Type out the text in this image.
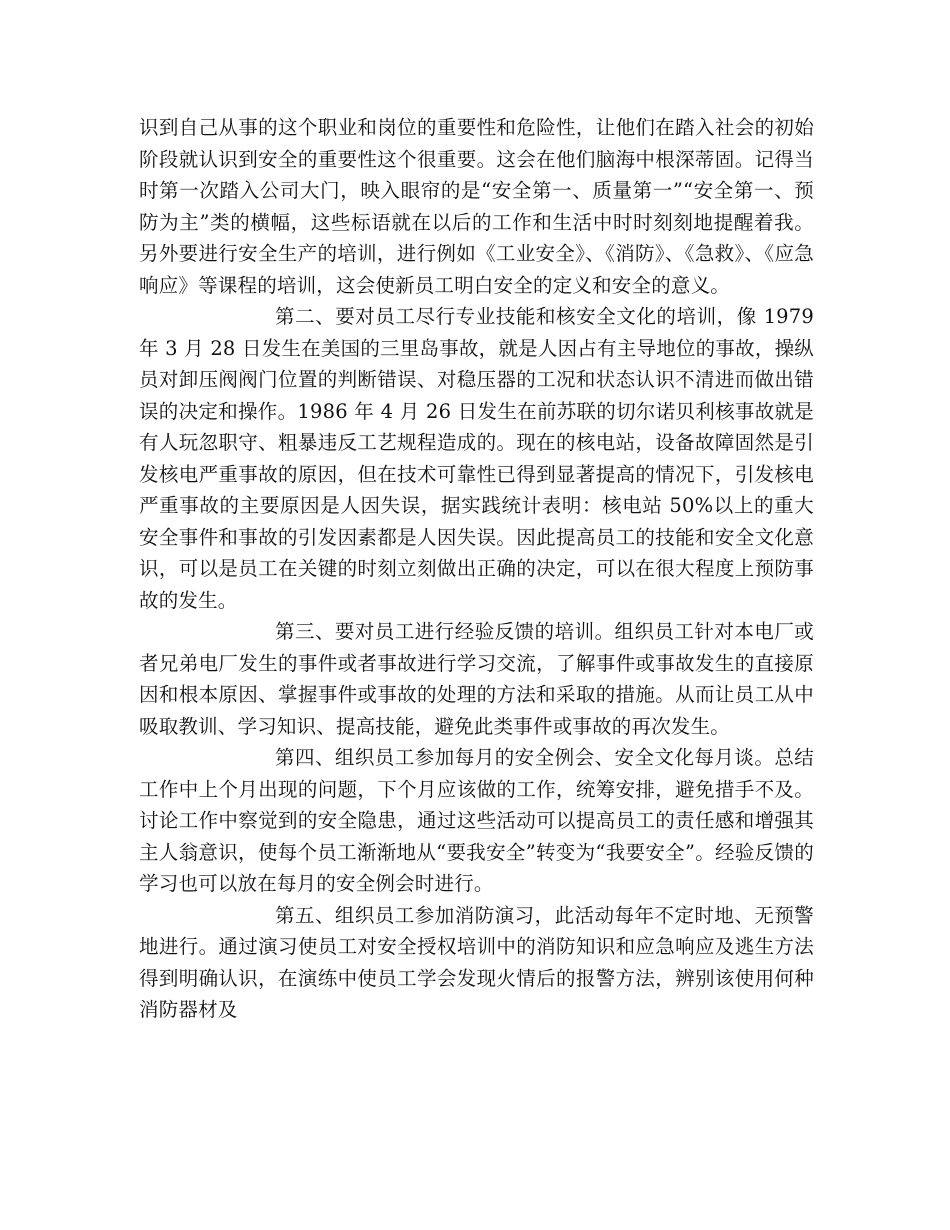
识到自己从事的这个职业和岗位的重要性和危险性，让他们在踏入社会的初始阶段就认识到安全的重要性这个很重要。这会在他们脑海中根深蒂固。记得当时第一次踏入公司大门，映入眼帘的是“安全第一、质量第一”“安全第一、预防为主”类的横幅，这些标语就在以后的工作和生活中时时刻刻地提醒着我。另外要进行安全生产的培训，进行例如《工业安全》、《消防》、《急救》、《应急响应》等课程的培训，这会使新员工明白安全的定义和安全的意义。

第二、要对员工尽行专业技能和核安全文化的培训，像 1979 年 3 月 28 日发生在美国的三里岛事故，就是人因占有主导地位的事故，操纵员对卸压阀阀门位置的判断错误、对稳压器的工况和状态认识不清进而做出错误的决定和操作。1986 年 4 月 26 日发生在前苏联的切尔诺贝利核事故就是有人玩忽职守、粗暴违反工艺规程造成的。现在的核电站，设备故障固然是引发核电严重事故的原因，但在技术可靠性已得到显著提高的情况下，引发核电严重事故的主要原因是人因失误，据实践统计表明：核电站 50%以上的重大安全事件和事故的引发因素都是人因失误。因此提高员工的技能和安全文化意识，可以是员工在关键的时刻立刻做出正确的决定，可以在很大程度上预防事故的发生。

第三、要对员工进行经验反馈的培训。组织员工针对本电厂或者兄弟电厂发生的事件或者事故进行学习交流，了解事件或事故发生的直接原因和根本原因、掌握事件或事故的处理的方法和采取的措施。从而让员工从中吸取教训、学习知识、提高技能，避免此类事件或事故的再次发生。

第四、组织员工参加每月的安全例会、安全文化每月谈。总结工作中上个月出现的问题，下个月应该做的工作，统筹安排，避免措手不及。讨论工作中察觉到的安全隐患，通过这些活动可以提高员工的责任感和增强其主人翁意识，使每个员工渐渐地从“要我安全”转变为“我要安全”。经验反馈的学习也可以放在每月的安全例会时进行。

第五、组织员工参加消防演习，此活动每年不定时地、无预警地进行。通过演习使员工对安全授权培训中的消防知识和应急响应及逃生方法得到明确认识，在演练中使员工学会发现火情后的报警方法，辨别该使用何种消防器材及
